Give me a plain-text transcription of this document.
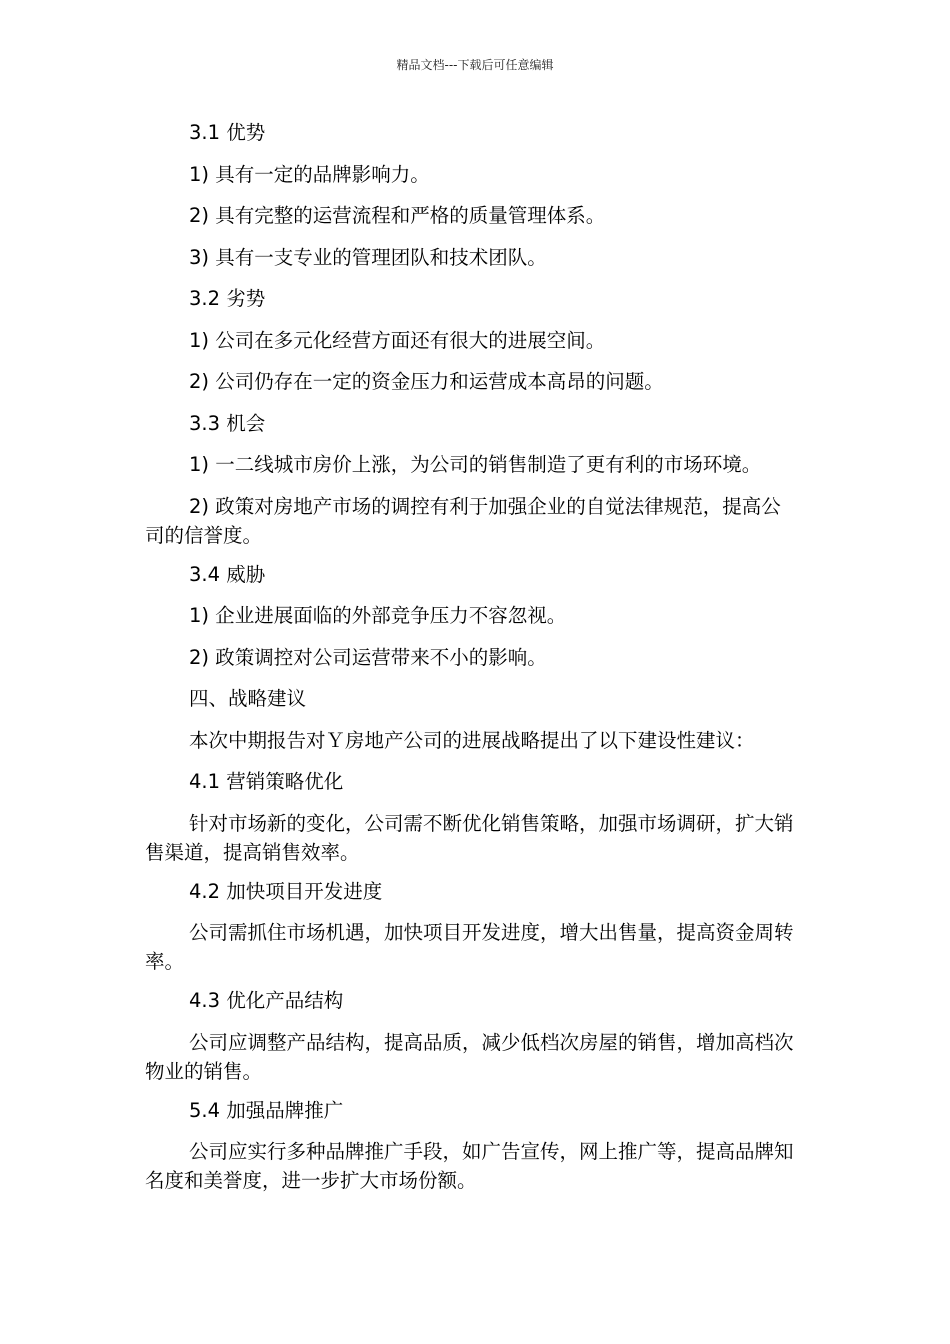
精品文档---下载后可任意编辑

3.1 优势

1) 具有一定的品牌影响力。

2) 具有完整的运营流程和严格的质量管理体系。

3) 具有一支专业的管理团队和技术团队。

3.2 劣势

1) 公司在多元化经营方面还有很大的进展空间。

2) 公司仍存在一定的资金压力和运营成本高昂的问题。

3.3 机会

1) 一二线城市房价上涨，为公司的销售制造了更有利的市场环境。

2) 政策对房地产市场的调控有利于加强企业的自觉法律规范，提高公司的信誉度。

3.4 威胁

1) 企业进展面临的外部竞争压力不容忽视。

2) 政策调控对公司运营带来不小的影响。

四、战略建议

本次中期报告对Ｙ房地产公司的进展战略提出了以下建设性建议：

4.1 营销策略优化

针对市场新的变化，公司需不断优化销售策略，加强市场调研，扩大销售渠道，提高销售效率。

4.2 加快项目开发进度

公司需抓住市场机遇，加快项目开发进度，增大出售量，提高资金周转率。

4.3 优化产品结构

公司应调整产品结构，提高品质，减少低档次房屋的销售，增加高档次物业的销售。

5.4 加强品牌推广

公司应实行多种品牌推广手段，如广告宣传，网上推广等，提高品牌知名度和美誉度，进一步扩大市场份额。
